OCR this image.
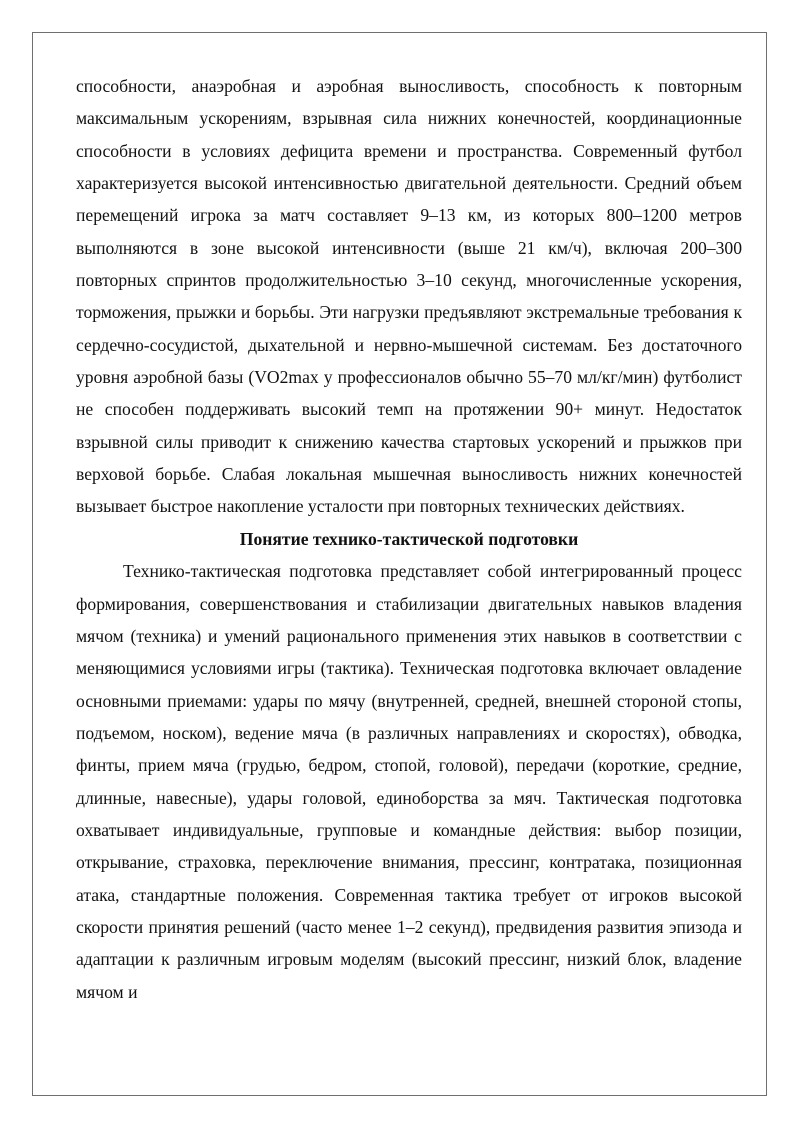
способности, анаэробная и аэробная выносливость, способность к повторным максимальным ускорениям, взрывная сила нижних конечностей, координационные способности в условиях дефицита времени и пространства. Современный футбол характеризуется высокой интенсивностью двигательной деятельности. Средний объем перемещений игрока за матч составляет 9–13 км, из которых 800–1200 метров выполняются в зоне высокой интенсивности (выше 21 км/ч), включая 200–300 повторных спринтов продолжительностью 3–10 секунд, многочисленные ускорения, торможения, прыжки и борьбы. Эти нагрузки предъявляют экстремальные требования к сердечно-сосудистой, дыхательной и нервно-мышечной системам. Без достаточного уровня аэробной базы (VO2max у профессионалов обычно 55–70 мл/кг/мин) футболист не способен поддерживать высокий темп на протяжении 90+ минут. Недостаток взрывной силы приводит к снижению качества стартовых ускорений и прыжков при верховой борьбе. Слабая локальная мышечная выносливость нижних конечностей вызывает быстрое накопление усталости при повторных технических действиях.

Понятие технико-тактической подготовки

Технико-тактическая подготовка представляет собой интегрированный процесс формирования, совершенствования и стабилизации двигательных навыков владения мячом (техника) и умений рационального применения этих навыков в соответствии с меняющимися условиями игры (тактика). Техническая подготовка включает овладение основными приемами: удары по мячу (внутренней, средней, внешней стороной стопы, подъемом, носком), ведение мяча (в различных направлениях и скоростях), обводка, финты, прием мяча (грудью, бедром, стопой, головой), передачи (короткие, средние, длинные, навесные), удары головой, единоборства за мяч. Тактическая подготовка охватывает индивидуальные, групповые и командные действия: выбор позиции, открывание, страховка, переключение внимания, прессинг, контратака, позиционная атака, стандартные положения. Современная тактика требует от игроков высокой скорости принятия решений (часто менее 1–2 секунд), предвидения развития эпизода и адаптации к различным игровым моделям (высокий прессинг, низкий блок, владение мячом и
